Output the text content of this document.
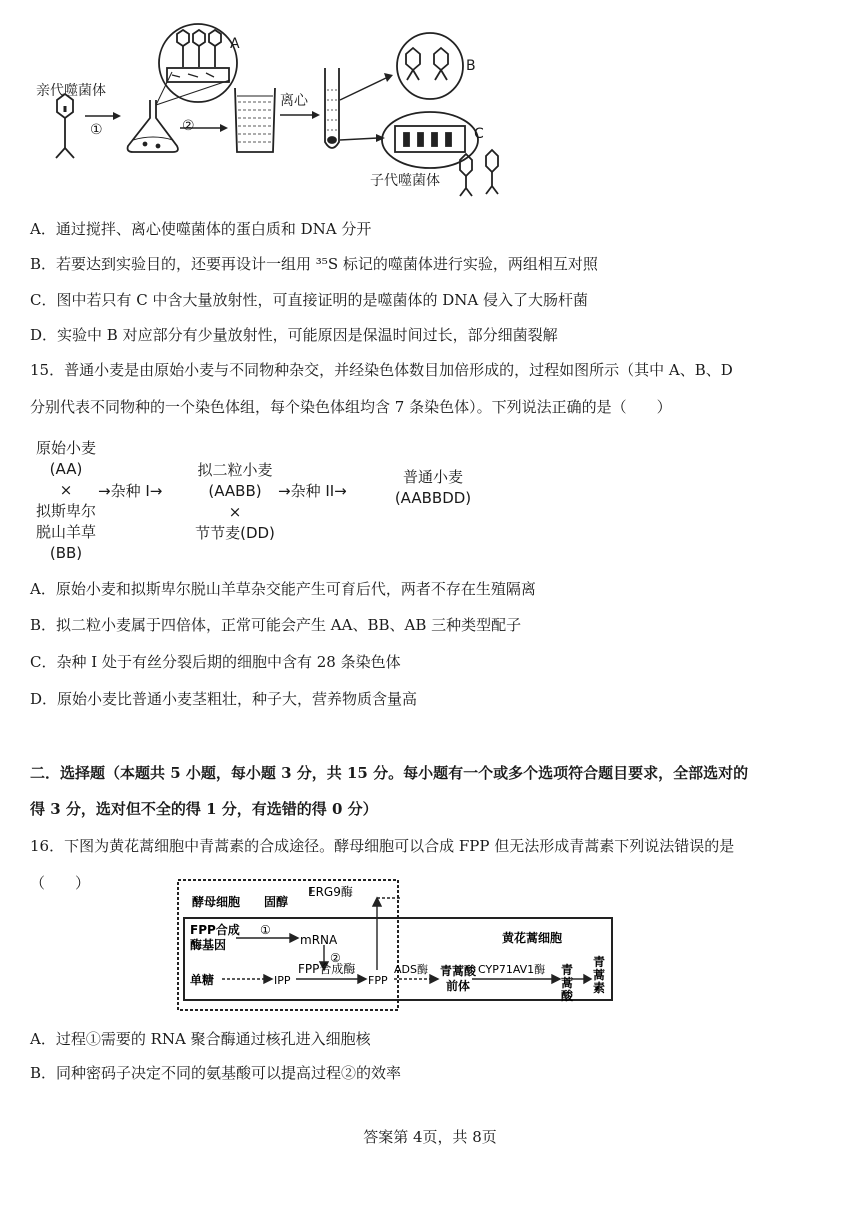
亲代噬菌体
①	②
离心
A
B
C
子代噬菌体
A．通过搅拌、离心使噬菌体的蛋白质和 DNA 分开
B．若要达到实验目的，还要再设计一组用 ³⁵S 标记的噬菌体进行实验，两组相互对照
C．图中若只有 C 中含大量放射性，可直接证明的是噬菌体的 DNA 侵入了大肠杆菌
D．实验中 B 对应部分有少量放射性，可能原因是保温时间过长，部分细菌裂解
15．普通小麦是由原始小麦与不同物种杂交，并经染色体数目加倍形成的，过程如图所示（其中 A、B、D
分别代表不同物种的一个染色体组，每个染色体组均含 7 条染色体）。下列说法正确的是（　　）
原始小麦
(AA)
×
拟斯卑尔
脱山羊草
(BB)
→杂种 I→
拟二粒小麦
(AABB)
×
节节麦(DD)
→杂种 II→
普通小麦
(AABBDD)
A．原始小麦和拟斯卑尔脱山羊草杂交能产生可育后代，两者不存在生殖隔离
B．拟二粒小麦属于四倍体，正常可能会产生 AA、BB、AB 三种类型配子
C．杂种 I 处于有丝分裂后期的细胞中含有 28 条染色体
D．原始小麦比普通小麦茎粗壮，种子大，营养物质含量高
二．选择题（本题共 5 小题，每小题 3 分，共 15 分。每小题有一个或多个选项符合题目要求，全部选对的
得 3 分，选对但不全的得 1 分，有选错的得 0 分）
16．下图为黄花蒿细胞中青蒿素的合成途径。酵母细胞可以合成 FPP 但无法形成青蒿素下列说法错误的是
（　　）
酵母细胞 固醇
ERG9酶
FPP合成
酶基因
①
mRNA
②
FPP合成酶
单糖	IPP	FPP
ADS酶 青蒿酸
前体
CYP71AV1酶
黄花蒿细胞
青
蒿
酸
青
蒿
素
A．过程①需要的 RNA 聚合酶通过核孔进入细胞核
B．同种密码子决定不同的氨基酸可以提高过程②的效率
答案第 4页，共 8页
